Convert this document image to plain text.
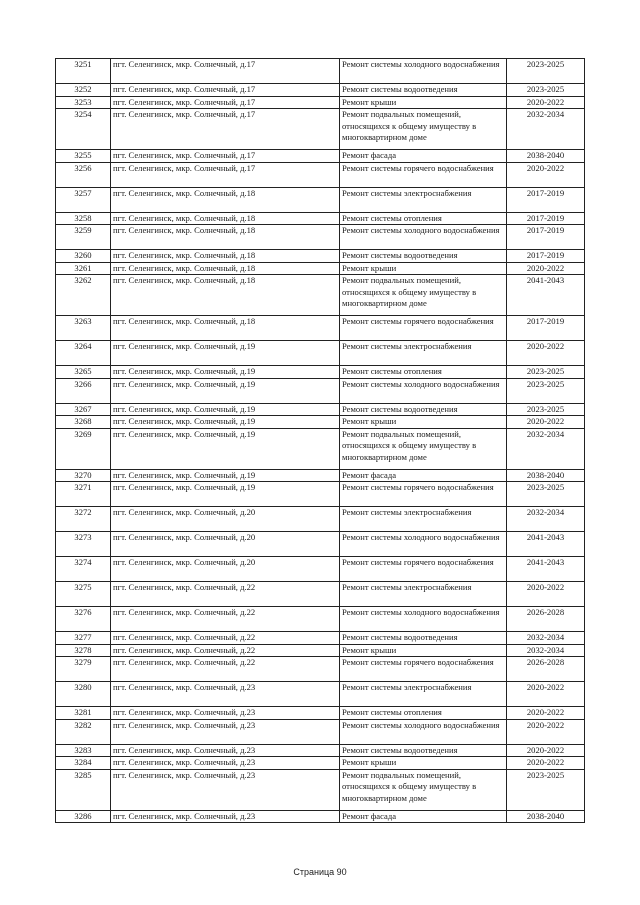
3251	пгт. Селенгинск, мкр. Солнечный, д.17	Ремонт системы холодного водоснабжения	2023-2025
3252	пгт. Селенгинск, мкр. Солнечный, д.17	Ремонт системы водоотведения	2023-2025
3253	пгт. Селенгинск, мкр. Солнечный, д.17	Ремонт крыши	2020-2022
3254	пгт. Селенгинск, мкр. Солнечный, д.17	Ремонт подвальных помещений, относящихся к общему имуществу в многоквартирном доме	2032-2034
3255	пгт. Селенгинск, мкр. Солнечный, д.17	Ремонт фасада	2038-2040
3256	пгт. Селенгинск, мкр. Солнечный, д.17	Ремонт системы горячего водоснабжения	2020-2022
3257	пгт. Селенгинск, мкр. Солнечный, д.18	Ремонт системы электроснабжения	2017-2019
3258	пгт. Селенгинск, мкр. Солнечный, д.18	Ремонт системы отопления	2017-2019
3259	пгт. Селенгинск, мкр. Солнечный, д.18	Ремонт системы холодного водоснабжения	2017-2019
3260	пгт. Селенгинск, мкр. Солнечный, д.18	Ремонт системы водоотведения	2017-2019
3261	пгт. Селенгинск, мкр. Солнечный, д.18	Ремонт крыши	2020-2022
3262	пгт. Селенгинск, мкр. Солнечный, д.18	Ремонт подвальных помещений, относящихся к общему имуществу в многоквартирном доме	2041-2043
3263	пгт. Селенгинск, мкр. Солнечный, д.18	Ремонт системы горячего водоснабжения	2017-2019
3264	пгт. Селенгинск, мкр. Солнечный, д.19	Ремонт системы электроснабжения	2020-2022
3265	пгт. Селенгинск, мкр. Солнечный, д.19	Ремонт системы отопления	2023-2025
3266	пгт. Селенгинск, мкр. Солнечный, д.19	Ремонт системы холодного водоснабжения	2023-2025
3267	пгт. Селенгинск, мкр. Солнечный, д.19	Ремонт системы водоотведения	2023-2025
3268	пгт. Селенгинск, мкр. Солнечный, д.19	Ремонт крыши	2020-2022
3269	пгт. Селенгинск, мкр. Солнечный, д.19	Ремонт подвальных помещений, относящихся к общему имуществу в многоквартирном доме	2032-2034
3270	пгт. Селенгинск, мкр. Солнечный, д.19	Ремонт фасада	2038-2040
3271	пгт. Селенгинск, мкр. Солнечный, д.19	Ремонт системы горячего водоснабжения	2023-2025
3272	пгт. Селенгинск, мкр. Солнечный, д.20	Ремонт системы электроснабжения	2032-2034
3273	пгт. Селенгинск, мкр. Солнечный, д.20	Ремонт системы холодного водоснабжения	2041-2043
3274	пгт. Селенгинск, мкр. Солнечный, д.20	Ремонт системы горячего водоснабжения	2041-2043
3275	пгт. Селенгинск, мкр. Солнечный, д.22	Ремонт системы электроснабжения	2020-2022
3276	пгт. Селенгинск, мкр. Солнечный, д.22	Ремонт системы холодного водоснабжения	2026-2028
3277	пгт. Селенгинск, мкр. Солнечный, д.22	Ремонт системы водоотведения	2032-2034
3278	пгт. Селенгинск, мкр. Солнечный, д.22	Ремонт крыши	2032-2034
3279	пгт. Селенгинск, мкр. Солнечный, д.22	Ремонт системы горячего водоснабжения	2026-2028
3280	пгт. Селенгинск, мкр. Солнечный, д.23	Ремонт системы электроснабжения	2020-2022
3281	пгт. Селенгинск, мкр. Солнечный, д.23	Ремонт системы отопления	2020-2022
3282	пгт. Селенгинск, мкр. Солнечный, д.23	Ремонт системы холодного водоснабжения	2020-2022
3283	пгт. Селенгинск, мкр. Солнечный, д.23	Ремонт системы водоотведения	2020-2022
3284	пгт. Селенгинск, мкр. Солнечный, д.23	Ремонт крыши	2020-2022
3285	пгт. Селенгинск, мкр. Солнечный, д.23	Ремонт подвальных помещений, относящихся к общему имуществу в многоквартирном доме	2023-2025
3286	пгт. Селенгинск, мкр. Солнечный, д.23	Ремонт фасада	2038-2040
Страница 90
